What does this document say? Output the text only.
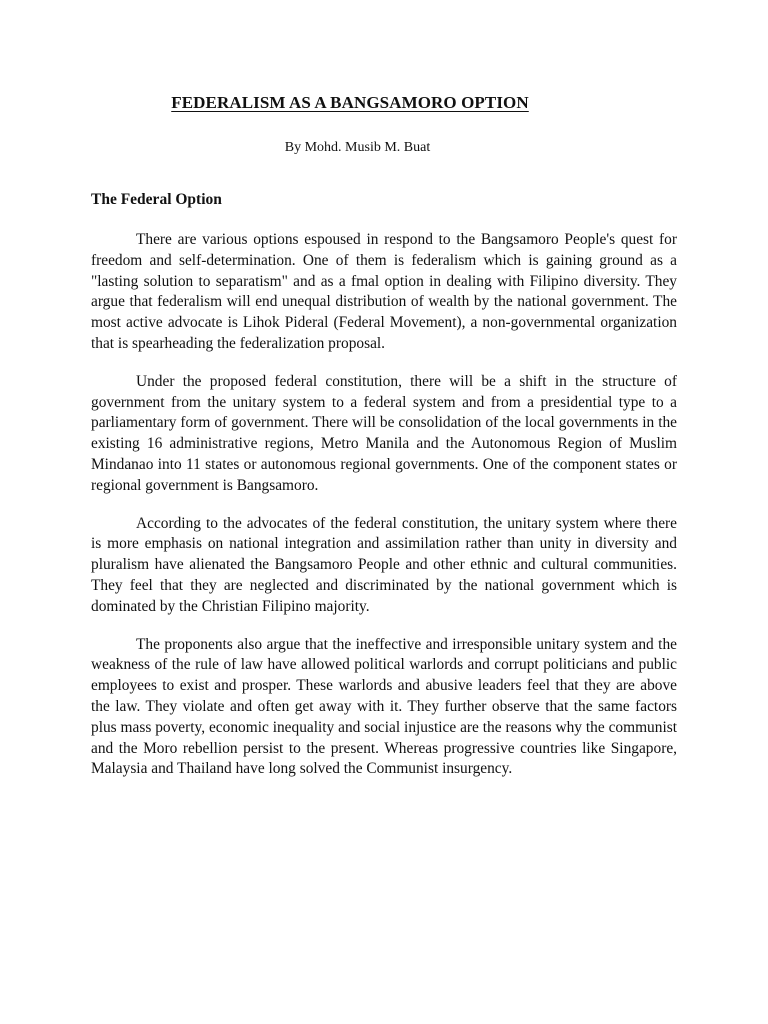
FEDERALISM AS A BANGSAMORO OPTION
By Mohd. Musib M. Buat
The Federal Option

There are various options espoused in respond to the Bangsamoro People's quest for freedom and self-determination. One of them is federalism which is gaining ground as a "lasting solution to separatism" and as a fmal option in dealing with Filipino diversity. They argue that federalism will end unequal distribution of wealth by the national government. The most active advocate is Lihok Pideral (Federal Movement), a non-governmental organization that is spearheading the federalization proposal.

Under the proposed federal constitution, there will be a shift in the structure of government from the unitary system to a federal system and from a presidential type to a parliamentary form of government. There will be consolidation of the local governments in the existing 16 administrative regions, Metro Manila and the Autonomous Region of Muslim Mindanao into 11 states or autonomous regional governments. One of the component states or regional government is Bangsamoro.

According to the advocates of the federal constitution, the unitary system where there is more emphasis on national integration and assimilation rather than unity in diversity and pluralism have alienated the Bangsamoro People and other ethnic and cultural communities. They feel that they are neglected and discriminated by the national government which is dominated by the Christian Filipino majority.

The proponents also argue that the ineffective and irresponsible unitary system and the weakness of the rule of law have allowed political warlords and corrupt politicians and public employees to exist and prosper. These warlords and abusive leaders feel that they are above the law. They violate and often get away with it. They further observe that the same factors plus mass poverty, economic inequality and social injustice are the reasons why the communist and the Moro rebellion persist to the present. Whereas progressive countries like Singapore, Malaysia and Thailand have long solved the Communist insurgency.
